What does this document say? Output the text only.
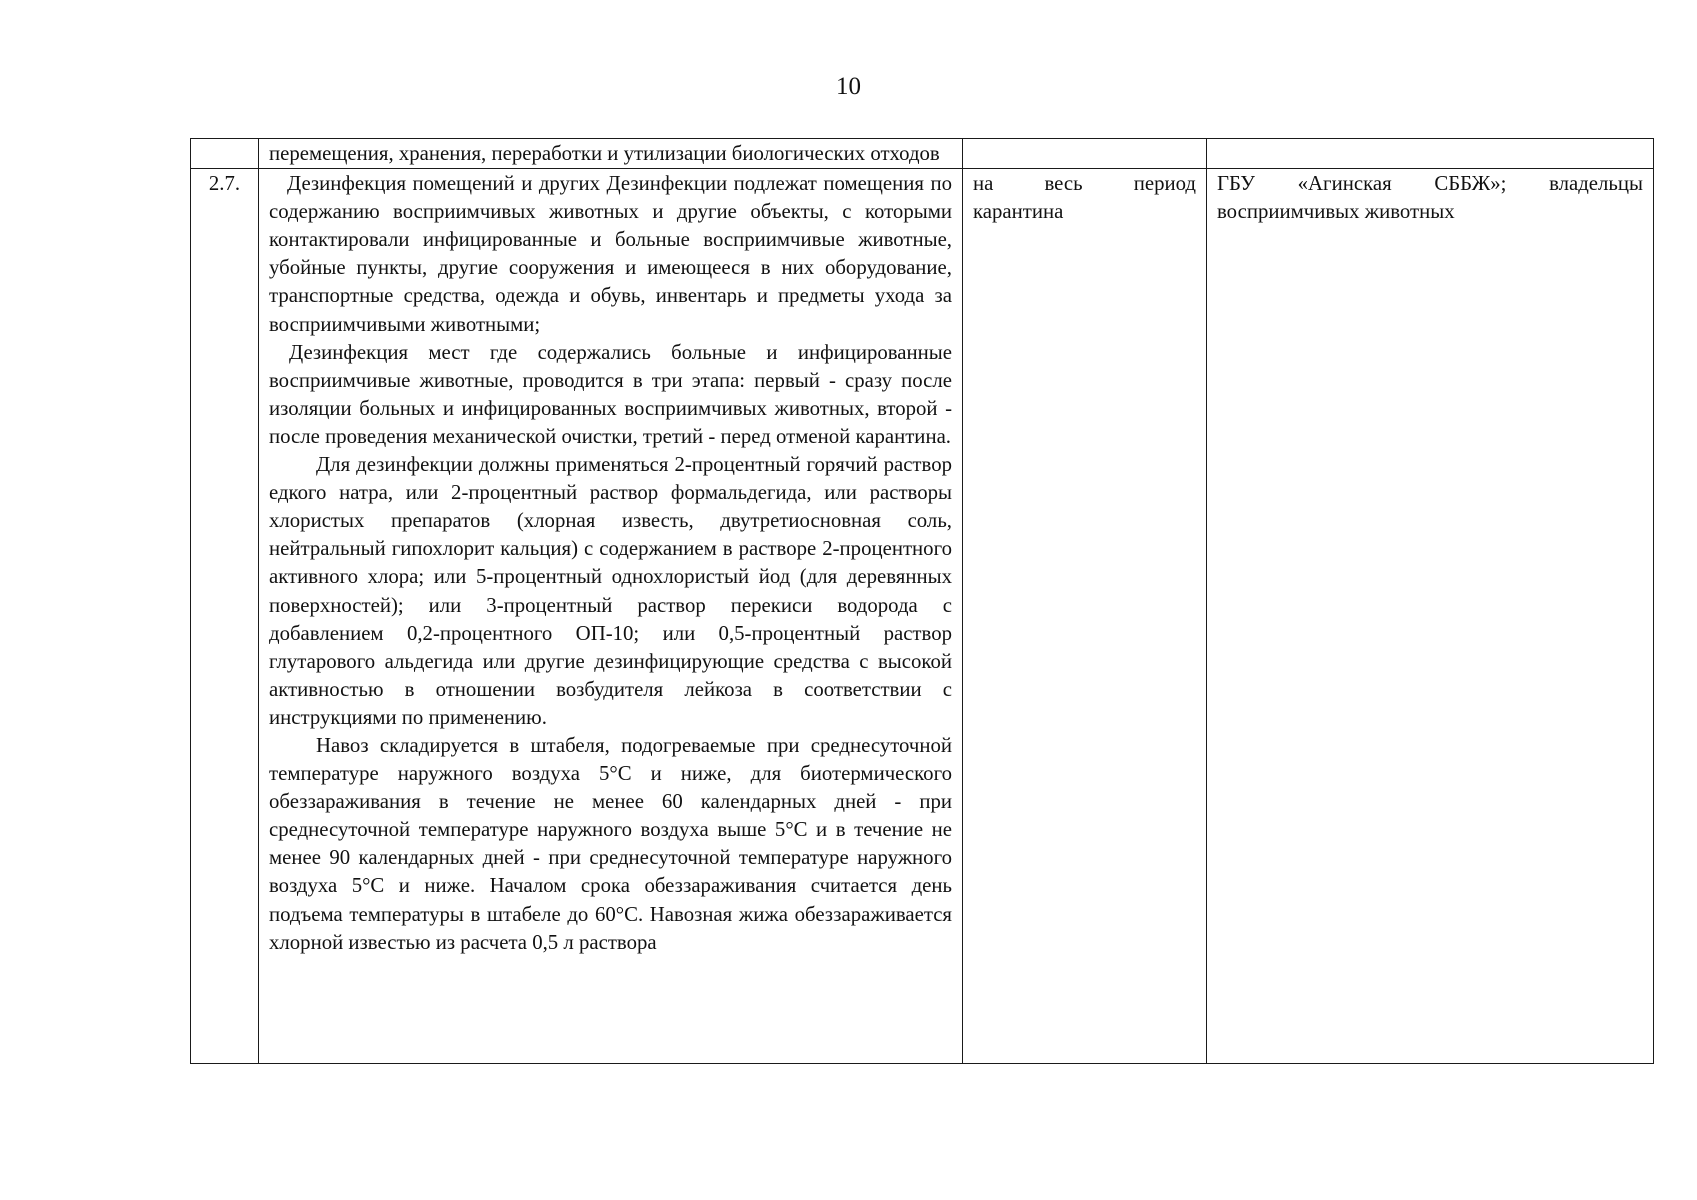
10

	перемещения, хранения, переработки и утилизации биологических отходов		

2.7.	Дезинфекция помещений и других Дезинфекции подлежат помещения по содержанию восприимчивых животных и другие объекты, с которыми контактировали инфицированные и больные восприимчивые животные, убойные пункты, другие сооружения и имеющееся в них оборудование, транспортные средства, одежда и обувь, инвентарь и предметы ухода за восприимчивыми животными;

Дезинфекция мест где содержались больные и инфицированные восприимчивые животные, проводится в три этапа: первый - сразу после изоляции больных и инфицированных восприимчивых животных, второй - после проведения механической очистки, третий - перед отменой карантина.

Для дезинфекции должны применяться 2-процентный горячий раствор едкого натра, или 2-процентный раствор формальдегида, или растворы хлористых препаратов (хлорная известь, двутретиосновная соль, нейтральный гипохлорит кальция) с содержанием в растворе 2-процентного активного хлора; или 5-процентный однохлористый йод (для деревянных поверхностей); или 3-процентный раствор перекиси водорода с добавлением 0,2-процентного ОП-10; или 0,5-процентный раствор глутарового альдегида или другие дезинфицирующие средства с высокой активностью в отношении возбудителя лейкоза в соответствии с инструкциями по применению.

Навоз складируется в штабеля, подогреваемые при среднесуточной температуре наружного воздуха 5°C и ниже, для биотермического обеззараживания в течение не менее 60 календарных дней - при среднесуточной температуре наружного воздуха выше 5°C и в течение не менее 90 календарных дней - при среднесуточной температуре наружного воздуха 5°C и ниже. Началом срока обеззараживания считается день подъема температуры в штабеле до 60°C. Навозная жижа обеззараживается хлорной известью из расчета 0,5 л раствора	на весь период карантина	ГБУ «Агинская СББЖ»; владельцы восприимчивых животных
